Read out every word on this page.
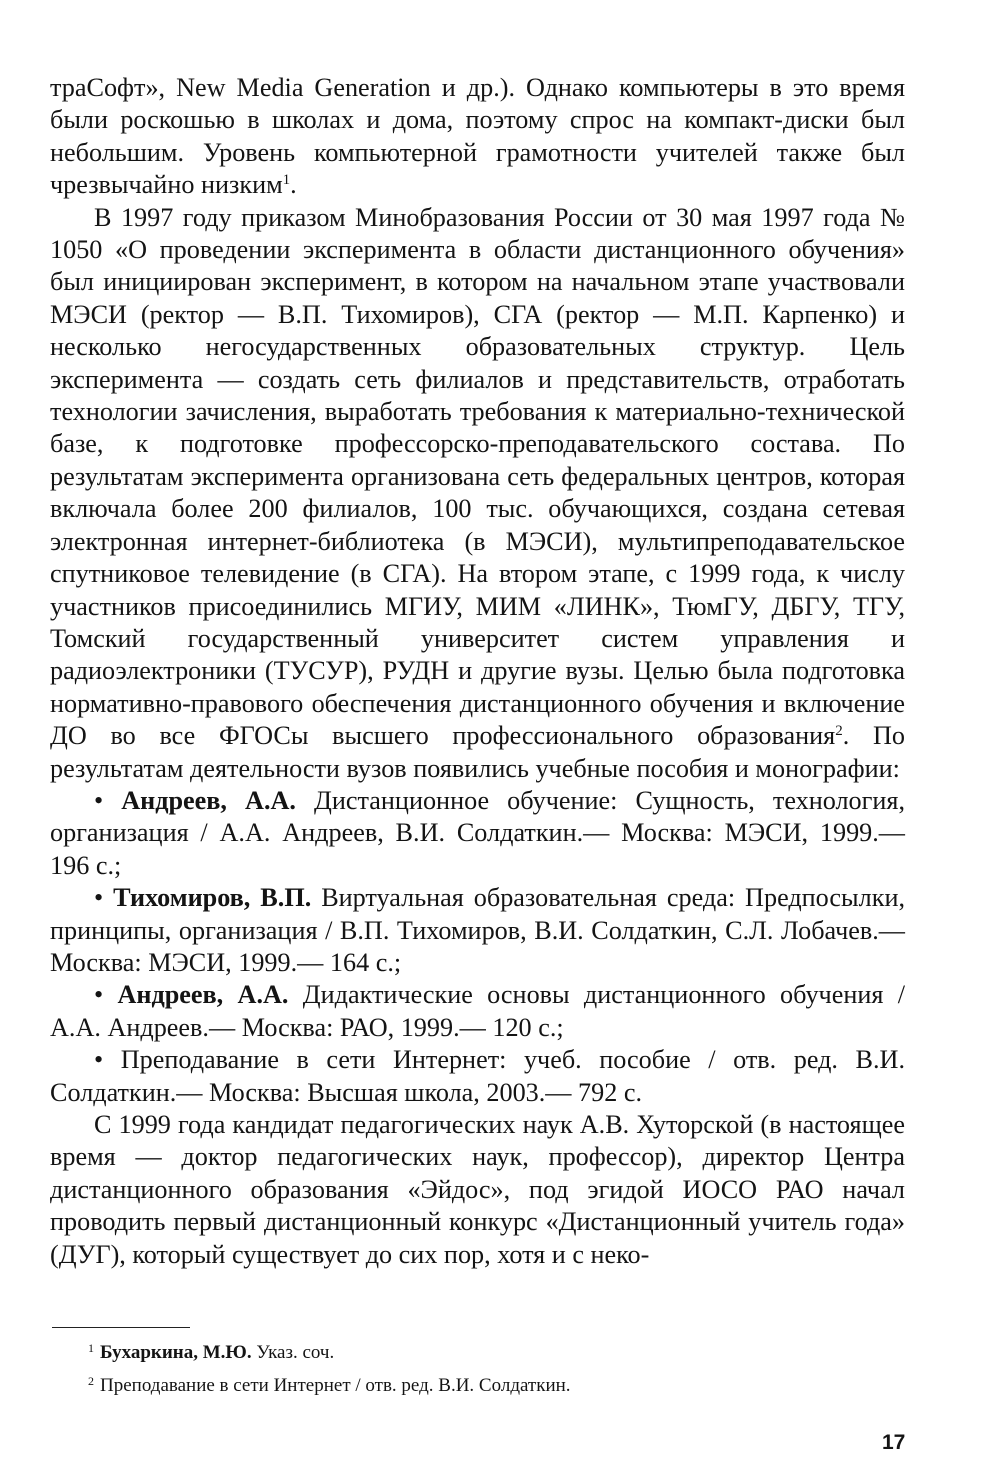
траСофт», New Media Generation и др.). Однако компьютеры в это время были роскошью в школах и дома, поэтому спрос на компакт-диски был небольшим. Уровень компьютерной грамотности учителей также был чрезвычайно низким$^1$.

В 1997 году приказом Минобразования России от 30 мая 1997 года № 1050 «О проведении эксперимента в области дистанционного обучения» был инициирован эксперимент, в котором на начальном этапе участвовали МЭСИ (ректор — В.П. Тихомиров), СГА (ректор — М.П. Карпенко) и несколько негосударственных образовательных структур. Цель эксперимента — создать сеть филиалов и представительств, отработать технологии зачисления, выработать требования к материально-технической базе, к подготовке профессорско-преподавательского состава. По результатам эксперимента организована сеть федеральных центров, которая включала более 200 филиалов, 100 тыс. обучающихся, создана сетевая электронная интернет-библиотека (в МЭСИ), мультипреподавательское спутниковое телевидение (в СГА). На втором этапе, с 1999 года, к числу участников присоединились МГИУ, МИМ «ЛИНК», ТюмГУ, ДБГУ, ТГУ, Томский государственный университет систем управления и радиоэлектроники (ТУСУР), РУДН и другие вузы. Целью была подготовка нормативно-правового обеспечения дистанционного обучения и включение ДО во все ФГОСы высшего профессионального образования$^2$. По результатам деятельности вузов появились учебные пособия и монографии:

• Андреев, А.А. Дистанционное обучение: Сущность, технология, организация / А.А. Андреев, В.И. Солдаткин.— Москва: МЭСИ, 1999.— 196 с.;

• Тихомиров, В.П. Виртуальная образовательная среда: Предпосылки, принципы, организация / В.П. Тихомиров, В.И. Солдаткин, С.Л. Лобачев.— Москва: МЭСИ, 1999.— 164 с.;

• Андреев, А.А. Дидактические основы дистанционного обучения / А.А. Андреев.— Москва: РАО, 1999.— 120 с.;

• Преподавание в сети Интернет: учеб. пособие / отв. ред. В.И. Солдаткин.— Москва: Высшая школа, 2003.— 792 с.

С 1999 года кандидат педагогических наук А.В. Хуторской (в настоящее время — доктор педагогических наук, профессор), директор Центра дистанционного образования «Эйдос», под эгидой ИОСО РАО начал проводить первый дистанционный конкурс «Дистанционный учитель года» (ДУГ), который существует до сих пор, хотя и с неко-

$^1$ Бухаркина, М.Ю. Указ. соч.

$^2$ Преподавание в сети Интернет / отв. ред. В.И. Солдаткин.

17
